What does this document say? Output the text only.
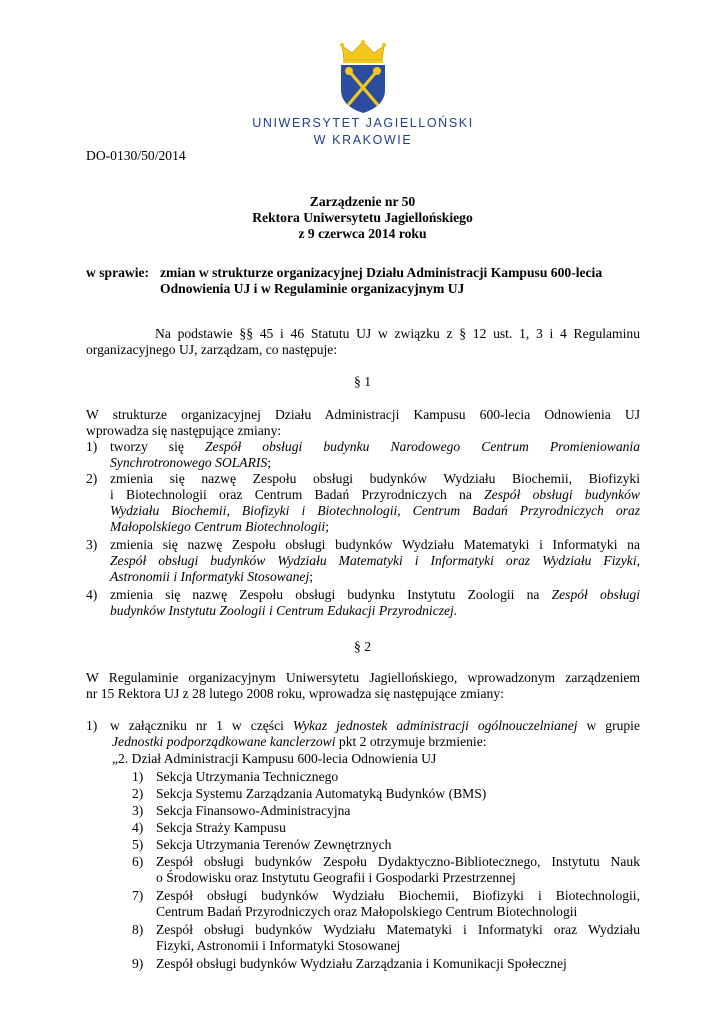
UNIWERSYTET JAGIELLOŃSKI
W KRAKOWIE
DO-0130/50/2014
Zarządzenie nr 50
Rektora Uniwersytetu Jagiellońskiego
z 9 czerwca 2014 roku
w sprawie: zmian w strukturze organizacyjnej Działu Administracji Kampusu 600-lecia
Odnowienia UJ i w Regulaminie organizacyjnym UJ
Na podstawie §§ 45 i 46 Statutu UJ w związku z § 12 ust. 1, 3 i 4 Regulaminu
organizacyjnego UJ, zarządzam, co następuje:
§ 1
W strukturze organizacyjnej Działu Administracji Kampusu 600-lecia Odnowienia UJ
wprowadza się następujące zmiany:
1) tworzy się Zespół obsługi budynku Narodowego Centrum Promieniowania
Synchrotronowego SOLARIS;
2) zmienia się nazwę Zespołu obsługi budynków Wydziału Biochemii, Biofizyki
i Biotechnologii oraz Centrum Badań Przyrodniczych na Zespół obsługi budynków
Wydziału Biochemii, Biofizyki i Biotechnologii, Centrum Badań Przyrodniczych oraz
Małopolskiego Centrum Biotechnologii;
3) zmienia się nazwę Zespołu obsługi budynków Wydziału Matematyki i Informatyki na
Zespół obsługi budynków Wydziału Matematyki i Informatyki oraz Wydziału Fizyki,
Astronomii i Informatyki Stosowanej;
4) zmienia się nazwę Zespołu obsługi budynku Instytutu Zoologii na Zespół obsługi
budynków Instytutu Zoologii i Centrum Edukacji Przyrodniczej.
§ 2
W Regulaminie organizacyjnym Uniwersytetu Jagiellońskiego, wprowadzonym zarządzeniem
nr 15 Rektora UJ z 28 lutego 2008 roku, wprowadza się następujące zmiany:
1) w załączniku nr 1 w części Wykaz jednostek administracji ogólnouczelnianej w grupie
Jednostki podporządkowane kanclerzowi pkt 2 otrzymuje brzmienie:
„2. Dział Administracji Kampusu 600-lecia Odnowienia UJ
1) Sekcja Utrzymania Technicznego
2) Sekcja Systemu Zarządzania Automatyką Budynków (BMS)
3) Sekcja Finansowo-Administracyjna
4) Sekcja Straży Kampusu
5) Sekcja Utrzymania Terenów Zewnętrznych
6) Zespół obsługi budynków Zespołu Dydaktyczno-Bibliotecznego, Instytutu Nauk
o Środowisku oraz Instytutu Geografii i Gospodarki Przestrzennej
7) Zespół obsługi budynków Wydziału Biochemii, Biofizyki i Biotechnologii,
Centrum Badań Przyrodniczych oraz Małopolskiego Centrum Biotechnologii
8) Zespół obsługi budynków Wydziału Matematyki i Informatyki oraz Wydziału
Fizyki, Astronomii i Informatyki Stosowanej
9) Zespół obsługi budynków Wydziału Zarządzania i Komunikacji Społecznej
